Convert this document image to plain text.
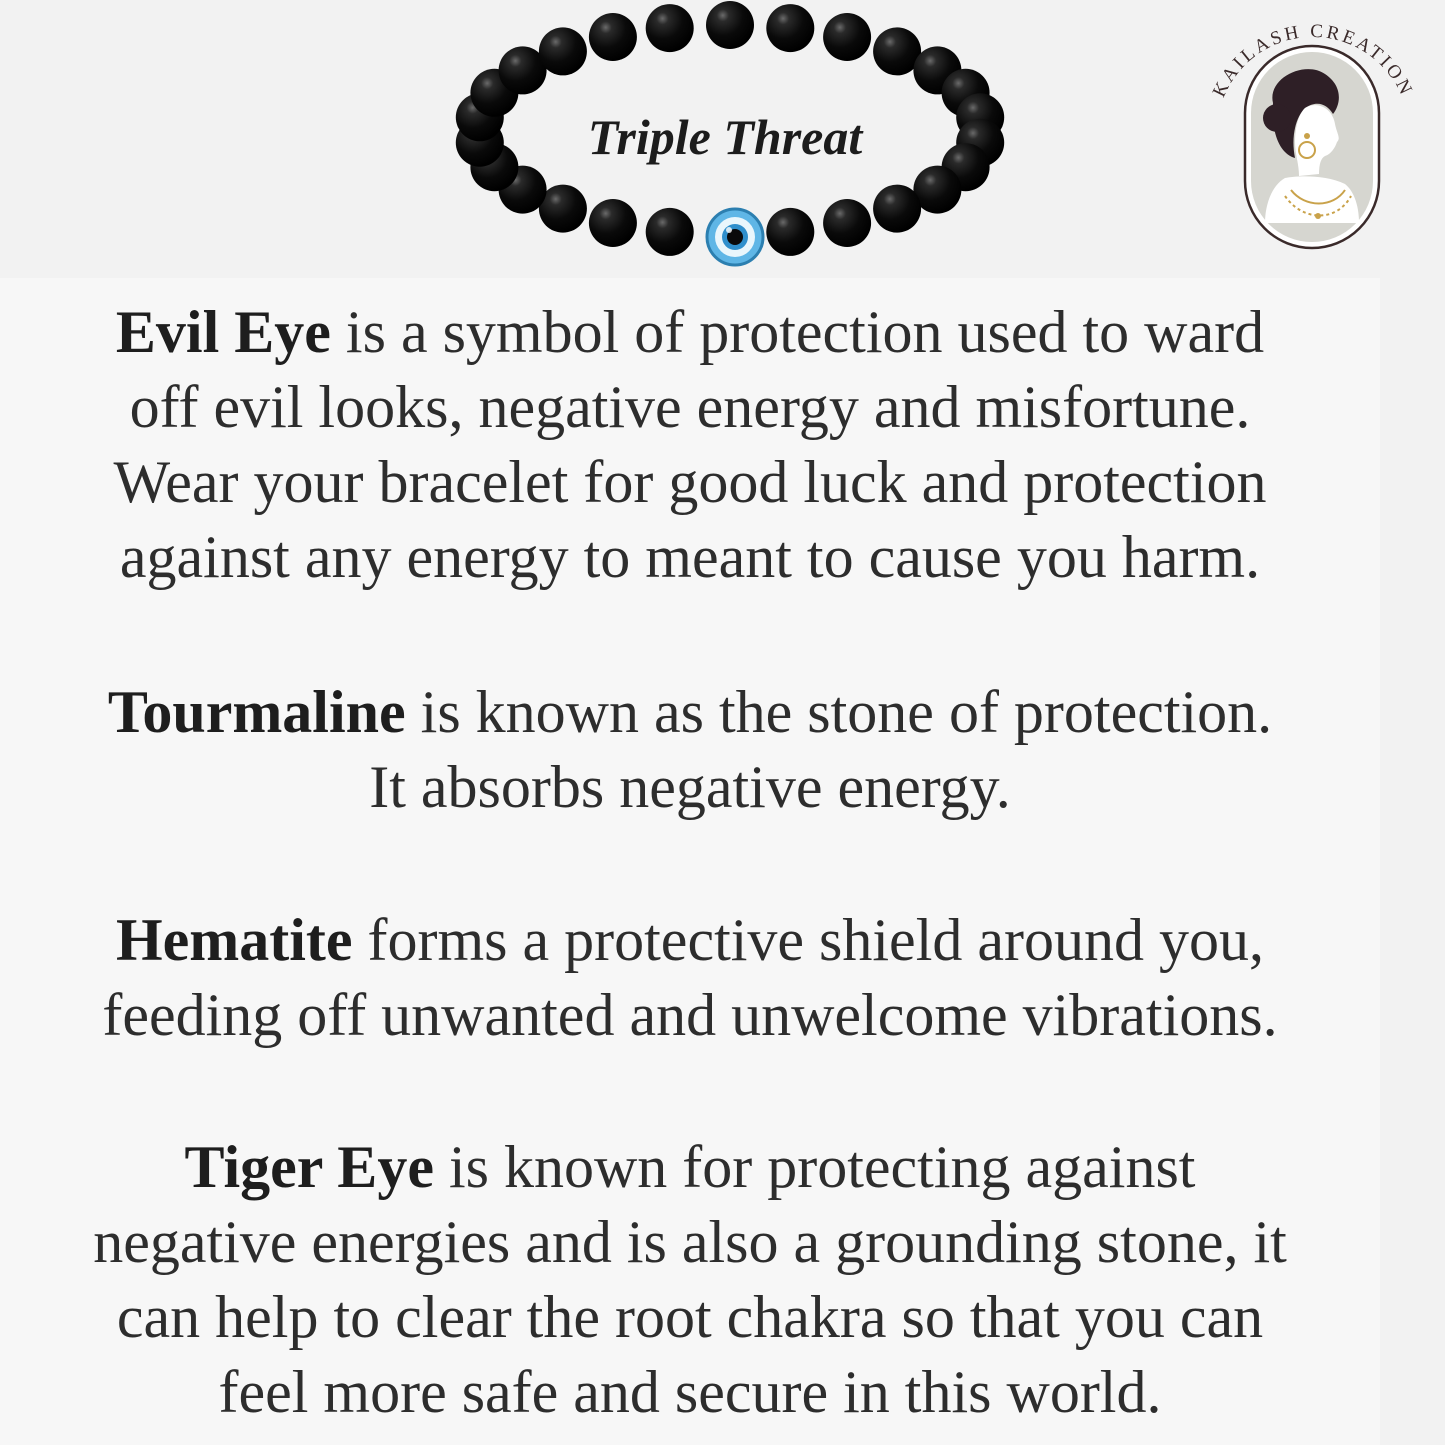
Triple Threat
KAILASH CREATION
Evil Eye is a symbol of protection used to ward
off evil looks, negative energy and misfortune.
Wear your bracelet for good luck and protection
against any energy to meant to cause you harm.
Tourmaline is known as the stone of protection.
It absorbs negative energy.
Hematite forms a protective shield around you,
feeding off unwanted and unwelcome vibrations.
Tiger Eye is known for protecting against
negative energies and is also a grounding stone, it
can help to clear the root chakra so that you can
feel more safe and secure in this world.
